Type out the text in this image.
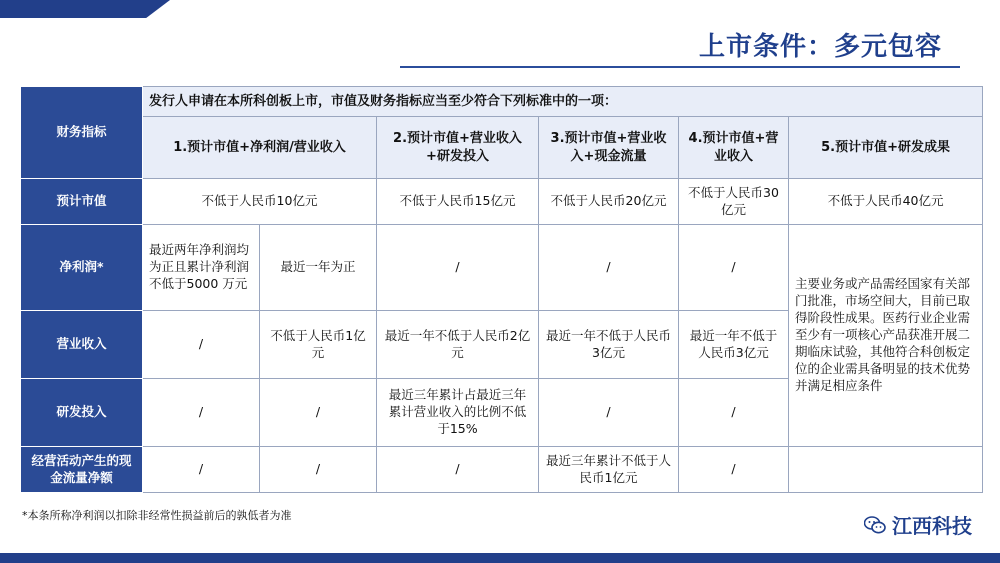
上市条件：多元包容
财务指标	发行人申请在本所科创板上市，市值及财务指标应当至少符合下列标准中的一项：					
	1.预计市值+净利润/营业收入		2.预计市值+营业收入+研发投入	3.预计市值+营业收入+现金流量	4.预计市值+营业收入	5.预计市值+研发成果
预计市值	不低于人民币10亿元		不低于人民币15亿元	不低于人民币20亿元	不低于人民币30亿元	不低于人民币40亿元
净利润*	最近两年净利润均为正且累计净利润不低于5000 万元	最近一年为正	/	/	/	主要业务或产品需经国家有关部门批准，市场空间大，目前已取得阶段性成果。医药行业企业需至少有一项核心产品获准开展二期临床试验，其他符合科创板定位的企业需具备明显的技术优势并满足相应条件
营业收入	/	不低于人民币1亿元	最近一年不低于人民币2亿元	最近一年不低于人民币3亿元	最近一年不低于人民币3亿元	
研发投入	/	/	最近三年累计占最近三年累计营业收入的比例不低于15%	/	/	
经营活动产生的现金流量净额	/	/	/	最近三年累计不低于人民币1亿元	/	
*本条所称净利润以扣除非经常性损益前后的孰低者为准	江西科技
